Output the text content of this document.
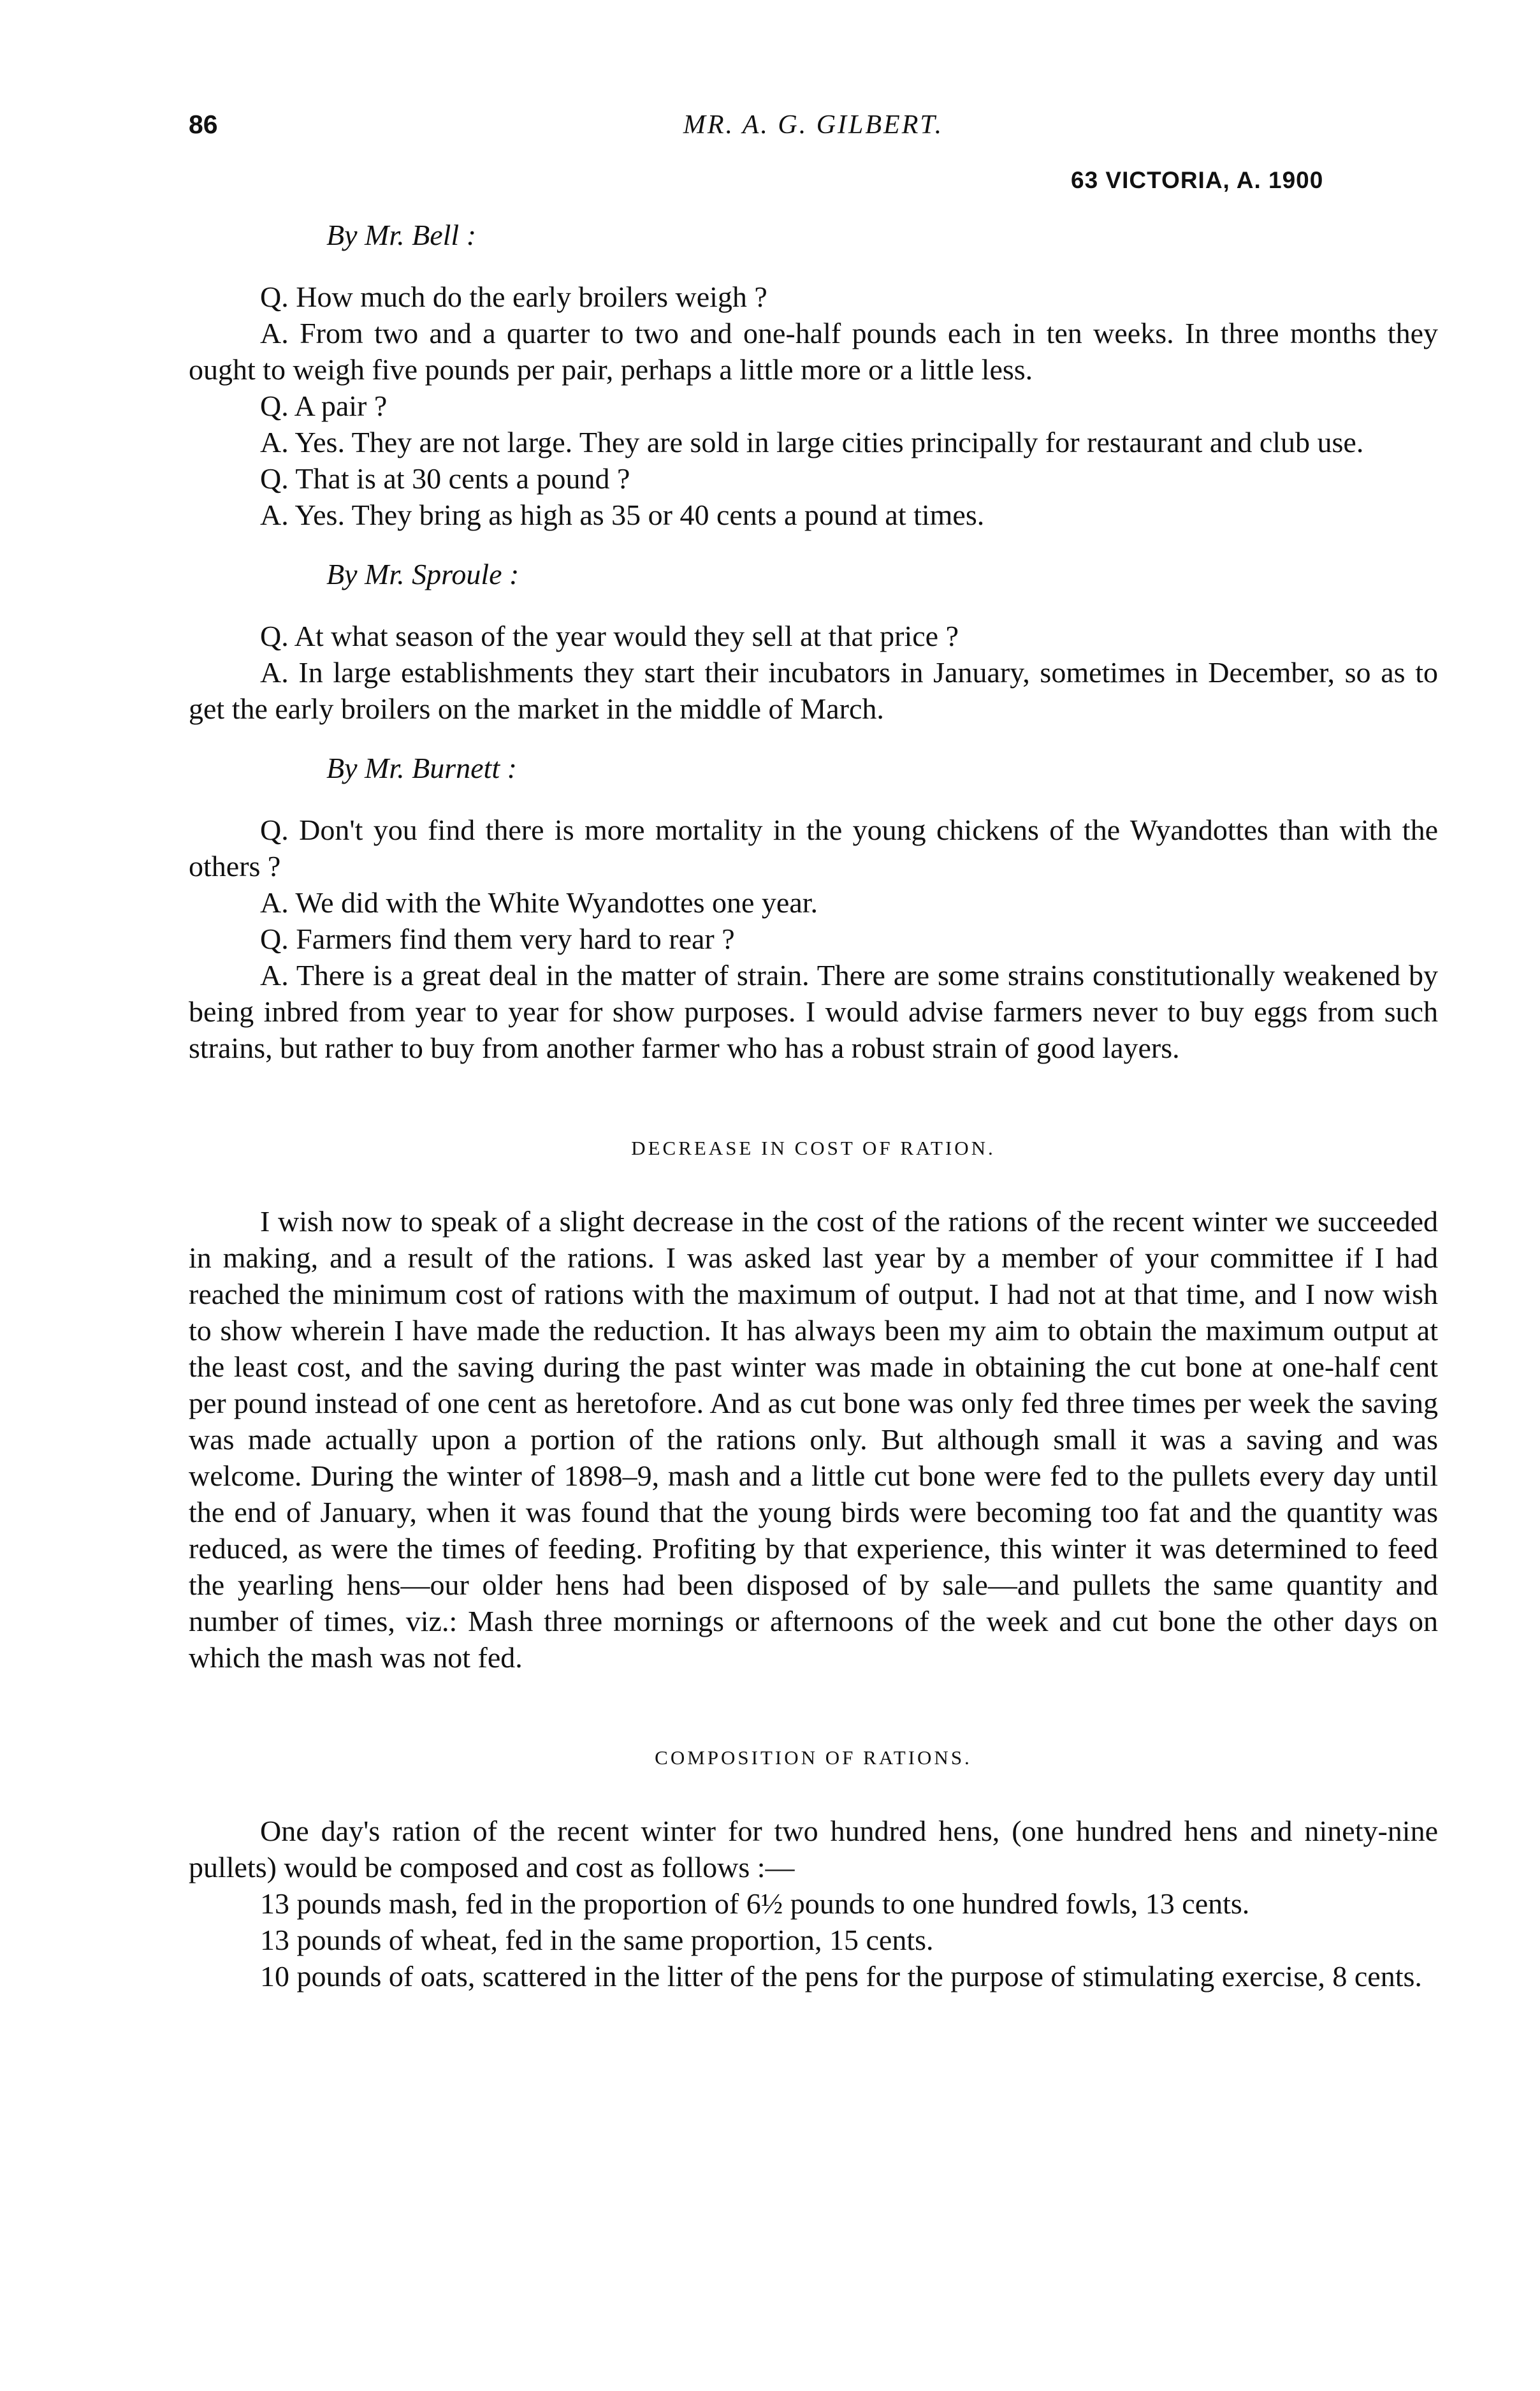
86	MR. A. G. GILBERT.
63 VICTORIA, A. 1900
By Mr. Bell :

Q. How much do the early broilers weigh ?

A. From two and a quarter to two and one-half pounds each in ten weeks. In three months they ought to weigh five pounds per pair, perhaps a little more or a little less.

Q. A pair ?

A. Yes. They are not large. They are sold in large cities principally for restaurant and club use.

Q. That is at 30 cents a pound ?

A. Yes. They bring as high as 35 or 40 cents a pound at times.

By Mr. Sproule :

Q. At what season of the year would they sell at that price ?

A. In large establishments they start their incubators in January, sometimes in December, so as to get the early broilers on the market in the middle of March.

By Mr. Burnett :

Q. Don't you find there is more mortality in the young chickens of the Wyandottes than with the others ?

A. We did with the White Wyandottes one year.

Q. Farmers find them very hard to rear ?

A. There is a great deal in the matter of strain. There are some strains constitutionally weakened by being inbred from year to year for show purposes. I would advise farmers never to buy eggs from such strains, but rather to buy from another farmer who has a robust strain of good layers.

DECREASE IN COST OF RATION.

I wish now to speak of a slight decrease in the cost of the rations of the recent winter we succeeded in making, and a result of the rations. I was asked last year by a member of your committee if I had reached the minimum cost of rations with the maximum of output. I had not at that time, and I now wish to show wherein I have made the reduction. It has always been my aim to obtain the maximum output at the least cost, and the saving during the past winter was made in obtaining the cut bone at one-half cent per pound instead of one cent as heretofore. And as cut bone was only fed three times per week the saving was made actually upon a portion of the rations only. But although small it was a saving and was welcome. During the winter of 1898–9, mash and a little cut bone were fed to the pullets every day until the end of January, when it was found that the young birds were becoming too fat and the quantity was reduced, as were the times of feeding. Profiting by that experience, this winter it was determined to feed the yearling hens—our older hens had been disposed of by sale—and pullets the same quantity and number of times, viz.: Mash three mornings or afternoons of the week and cut bone the other days on which the mash was not fed.

COMPOSITION OF RATIONS.

One day's ration of the recent winter for two hundred hens, (one hundred hens and ninety-nine pullets) would be composed and cost as follows :—

13 pounds mash, fed in the proportion of 6½ pounds to one hundred fowls, 13 cents.

13 pounds of wheat, fed in the same proportion, 15 cents.

10 pounds of oats, scattered in the litter of the pens for the purpose of stimulating exercise, 8 cents.
